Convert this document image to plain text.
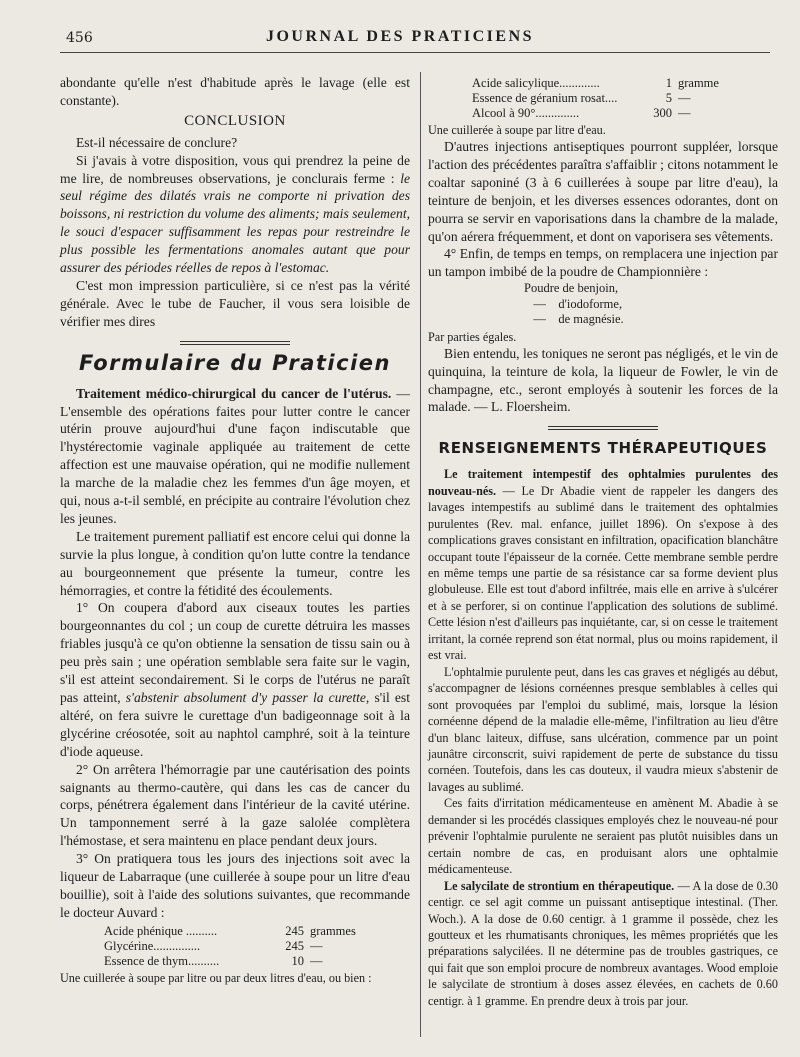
456	JOURNAL DES PRATICIENS

abondante qu'elle n'est d'habitude après le lavage (elle est constante).

CONCLUSION

Est-il nécessaire de conclure?

Si j'avais à votre disposition, vous qui prendrez la peine de me lire, de nombreuses observations, je conclurais ferme : le seul régime des dilatés vrais ne comporte ni privation des boissons, ni restriction du volume des aliments; mais seulement, le souci d'espacer suffisamment les repas pour restreindre le plus possible les fermentations anomales autant que pour assurer des périodes réelles de repos à l'estomac.

C'est mon impression particulière, si ce n'est pas la vérité générale. Avec le tube de Faucher, il vous sera loisible de vérifier mes dires

Formulaire du Praticien

Traitement médico-chirurgical du cancer de l'utérus. — L'ensemble des opérations faites pour lutter contre le cancer utérin prouve aujourd'hui d'une façon indiscutable que l'hystérectomie vaginale appliquée au traitement de cette affection est une mauvaise opération, qui ne modifie nullement la marche de la maladie chez les femmes d'un âge moyen, et qui, nous a-t-il semblé, en précipite au contraire l'évolution chez les jeunes.

Le traitement purement palliatif est encore celui qui donne la survie la plus longue, à condition qu'on lutte contre la tendance au bourgeonnement que présente la tumeur, contre les hémorragies, et contre la fétidité des écoulements.

1° On coupera d'abord aux ciseaux toutes les parties bourgeonnantes du col ; un coup de curette détruira les masses friables jusqu'à ce qu'on obtienne la sensation de tissu sain ou à peu près sain ; une opération semblable sera faite sur le vagin, s'il est atteint secondairement. Si le corps de l'utérus ne paraît pas atteint, s'abstenir absolument d'y passer la curette, s'il est altéré, on fera suivre le curettage d'un badigeonnage soit à la glycérine créosotée, soit au naphtol camphré, soit à la teinture d'iode aqueuse.

2° On arrêtera l'hémorragie par une cautérisation des points saignants au thermo-cautère, qui dans les cas de cancer du corps, pénétrera également dans l'intérieur de la cavité utérine. Un tamponnement serré à la gaze salolée complètera l'hémostase, et sera maintenu en place pendant deux jours.

3° On pratiquera tous les jours des injections soit avec la liqueur de Labarraque (une cuillerée à soupe pour un litre d'eau bouillie), soit à l'aide des solutions suivantes, que recommande le docteur Auvard :

Acide phénique ..........	245 grammes
Glycérine...............	245 —
Essence de thym..........	10 —

Une cuillerée à soupe par litre ou par deux litres d'eau, ou bien :

Acide salicylique.............	1 gramme
Essence de géranium rosat....	5 —
Alcool à 90°..............	300 —

Une cuillerée à soupe par litre d'eau.

D'autres injections antiseptiques pourront suppléer, lorsque l'action des précédentes paraîtra s'affaiblir ; citons notamment le coaltar saponiné (3 à 6 cuillerées à soupe par litre d'eau), la teinture de benjoin, et les diverses essences odorantes, dont on pourra se servir en vaporisations dans la chambre de la malade, qu'on aérera fréquemment, et dont on vaporisera ses vêtements.

4° Enfin, de temps en temps, on remplacera une injection par un tampon imbibé de la poudre de Championnière :

Poudre de benjoin,
—    d'iodoforme,
—    de magnésie.

Par parties égales.

Bien entendu, les toniques ne seront pas négligés, et le vin de quinquina, la teinture de kola, la liqueur de Fowler, le vin de champagne, etc., seront employés à soutenir les forces de la malade. — L. Floersheim.

RENSEIGNEMENTS THÉRAPEUTIQUES

Le traitement intempestif des ophtalmies purulentes des nouveau-nés. — Le Dr Abadie vient de rappeler les dangers des lavages intempestifs au sublimé dans le traitement des ophtalmies purulentes (Rev. mal. enfance, juillet 1896). On s'expose à des complications graves consistant en infiltration, opacification blanchâtre occupant toute l'épaisseur de la cornée. Cette membrane semble perdre en même temps une partie de sa résistance car sa forme devient plus globuleuse. Elle est tout d'abord infiltrée, mais elle en arrive à s'ulcérer et à se perforer, si on continue l'application des solutions de sublimé. Cette lésion n'est d'ailleurs pas inquiétante, car, si on cesse le traitement irritant, la cornée reprend son état normal, plus ou moins rapidement, il est vrai.

L'ophtalmie purulente peut, dans les cas graves et négligés au début, s'accompagner de lésions cornéennes presque semblables à celles qui sont provoquées par l'emploi du sublimé, mais, lorsque la lésion cornéenne dépend de la maladie elle-même, l'infiltration au lieu d'être d'un blanc laiteux, diffuse, sans ulcération, commence par un point jaunâtre circonscrit, suivi rapidement de perte de substance du tissu cornéen. Toutefois, dans les cas douteux, il vaudra mieux s'abstenir de lavages au sublimé.

Ces faits d'irritation médicamenteuse en amènent M. Abadie à se demander si les procédés classiques employés chez le nouveau-né pour prévenir l'ophtalmie purulente ne seraient pas plutôt nuisibles dans un certain nombre de cas, en produisant alors une ophtalmie médicamenteuse.

Le salycilate de strontium en thérapeutique. — A la dose de 0.30 centigr. ce sel agit comme un puissant antiseptique intestinal. (Ther. Woch.). A la dose de 0.60 centigr. à 1 gramme il possède, chez les goutteux et les rhumatisants chroniques, les mêmes propriétés que les préparations salycilées. Il ne détermine pas de troubles gastriques, ce qui fait que son emploi procure de nombreux avantages. Wood emploie le salycilate de strontium à doses assez élevées, en cachets de 0.60 centigr. à 1 gramme. En prendre deux à trois par jour.
